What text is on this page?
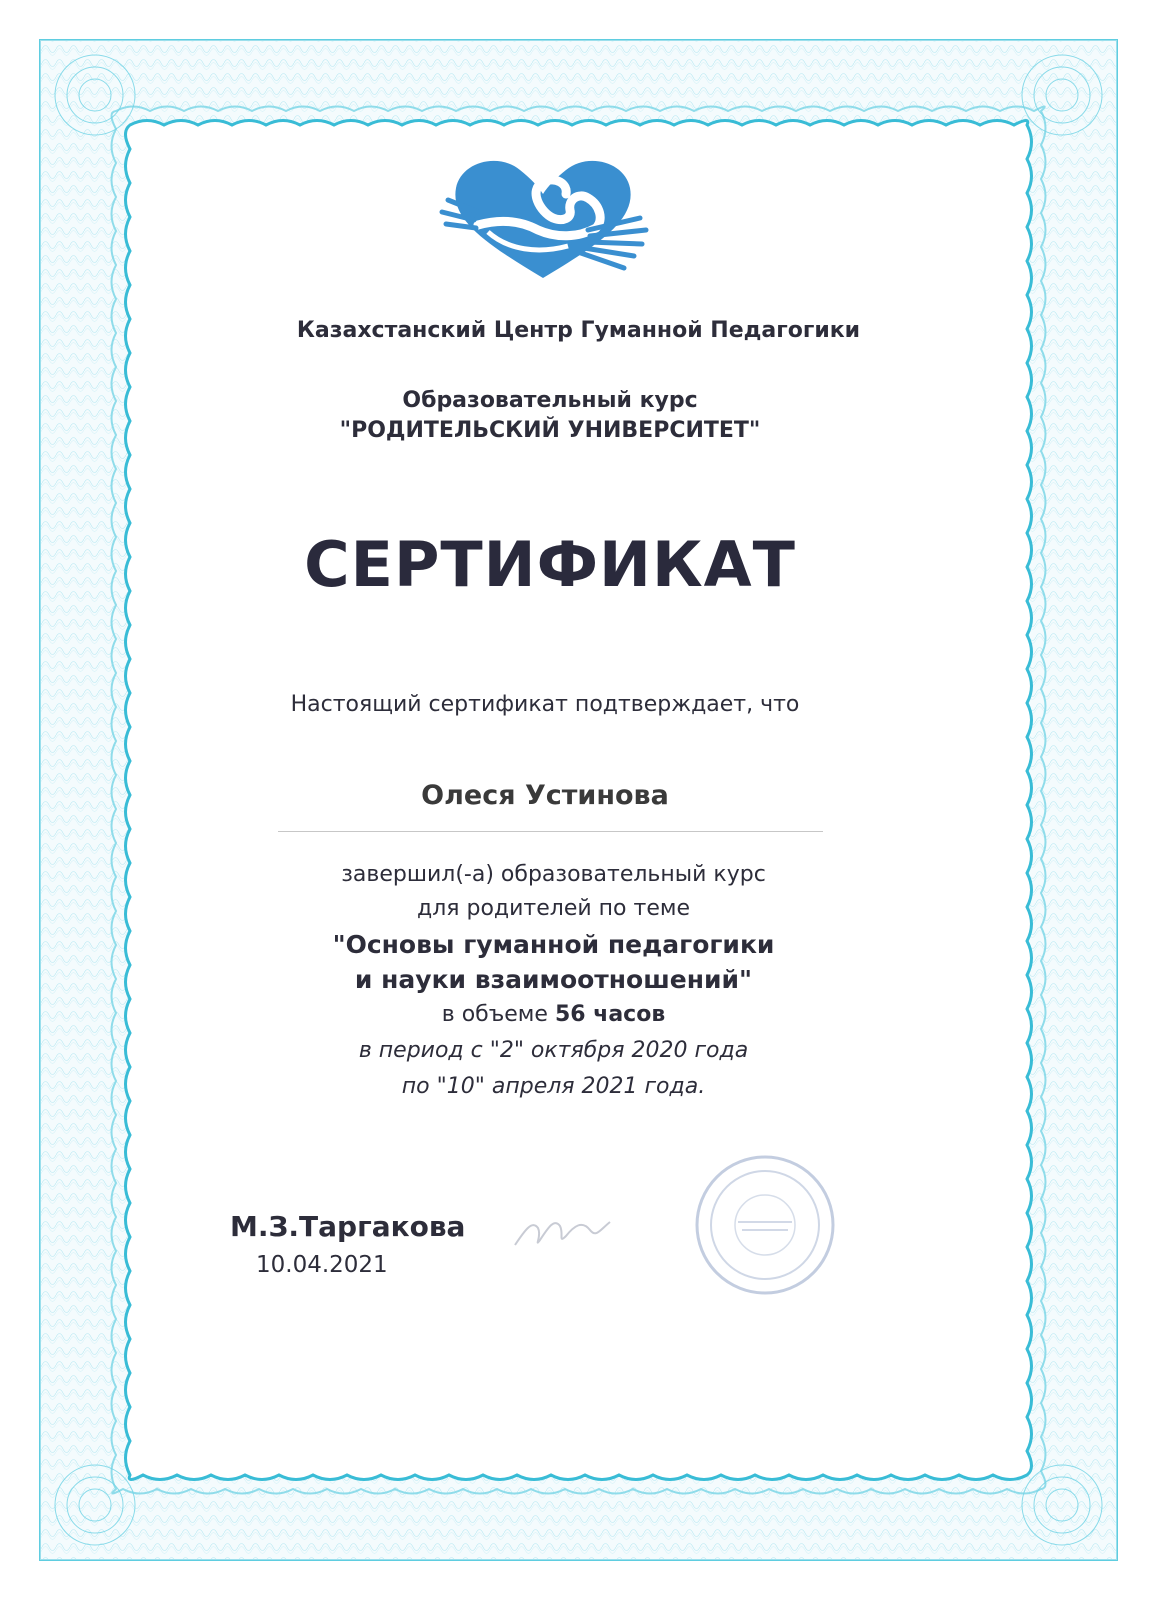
Казахстанский Центр Гуманной Педагогики

Образовательный курс

"РОДИТЕЛЬСКИЙ УНИВЕРСИТЕТ"

СЕРТИФИКАТ

Настоящий сертификат подтверждает, что

Олеся Устинова

завершил(-а) образовательный курс

для родителей по теме

"Основы гуманной педагогики

и науки взаимоотношений"

в объеме 56 часов

в период с "2" октября 2020 года

по "10" апреля 2021 года.

М.З.Таргакова
10.04.2021
